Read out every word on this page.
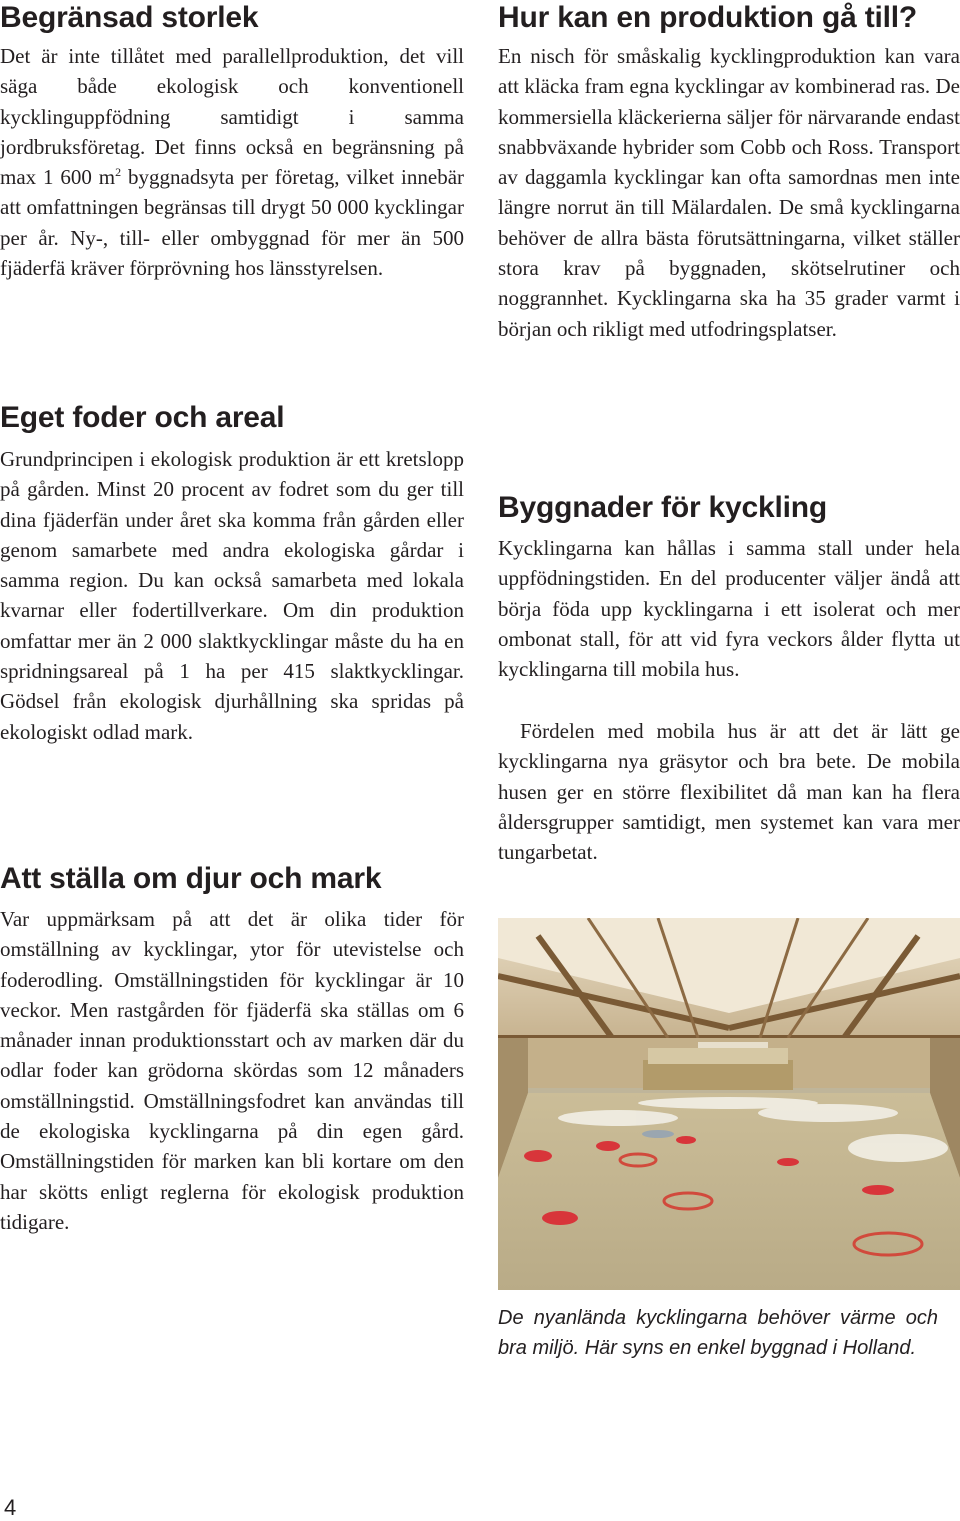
Begränsad storlek

Det är inte tillåtet med parallellproduktion, det vill säga både ekologisk och konventionell kycklinguppfödning samtidigt i samma jordbruksföretag. Det finns också en begränsning på max 1 600 $m^2$ byggnadsyta per företag, vilket innebär att omfattningen begränsas till drygt 50 000 kycklingar per år. Ny-, till- eller ombyggnad för mer än 500 fjäderfä kräver förprövning hos länsstyrelsen.

Eget foder och areal

Grundprincipen i ekologisk produktion är ett kretslopp på gården. Minst 20 procent av fodret som du ger till dina fjäderfän under året ska komma från gården eller genom samarbete med andra ekologiska gårdar i samma region. Du kan också samarbeta med lokala kvarnar eller fodertillverkare. Om din produktion omfattar mer än 2 000 slaktkycklingar måste du ha en spridningsareal på 1 ha per 415 slaktkycklingar. Gödsel från ekologisk djurhållning ska spridas på ekologiskt odlad mark.

Att ställa om djur och mark

Var uppmärksam på att det är olika tider för omställning av kycklingar, ytor för utevistelse och foderodling. Omställningstiden för kycklingar är 10 veckor. Men rastgården för fjäderfä ska ställas om 6 månader innan produktionsstart och av marken där du odlar foder kan grödorna skördas som 12 månaders omställningstid. Omställningsfodret kan användas till de ekologiska kycklingarna på din egen gård. Omställningstiden för marken kan bli kortare om den har skötts enligt reglerna för ekologisk produktion tidigare.

Hur kan en produktion gå till?

En nisch för småskalig kycklingproduktion kan vara att kläcka fram egna kycklingar av kombinerad ras. De kommersiella kläckerierna säljer för närvarande endast snabbväxande hybrider som Cobb och Ross. Transport av daggamla kycklingar kan ofta samordnas men inte längre norrut än till Mälardalen. De små kycklingarna behöver de allra bästa förutsättningarna, vilket ställer stora krav på byggnaden, skötselrutiner och noggrannhet. Kycklingarna ska ha 35 grader varmt i början och rikligt med utfodringsplatser.

Byggnader för kyckling

Kycklingarna kan hållas i samma stall under hela uppfödningstiden. En del producenter väljer ändå att börja föda upp kycklingarna i ett isolerat och mer ombonat stall, för att vid fyra veckors ålder flytta ut kycklingarna till mobila hus.

Fördelen med mobila hus är att det är lätt ge kycklingarna nya gräsytor och bra bete. De mobila husen ger en större flexibilitet då man kan ha flera åldersgrupper samtidigt, men systemet kan vara mer tungarbetat.

De nyanlända kycklingarna behöver värme och bra miljö. Här syns en enkel byggnad i Holland.

4
